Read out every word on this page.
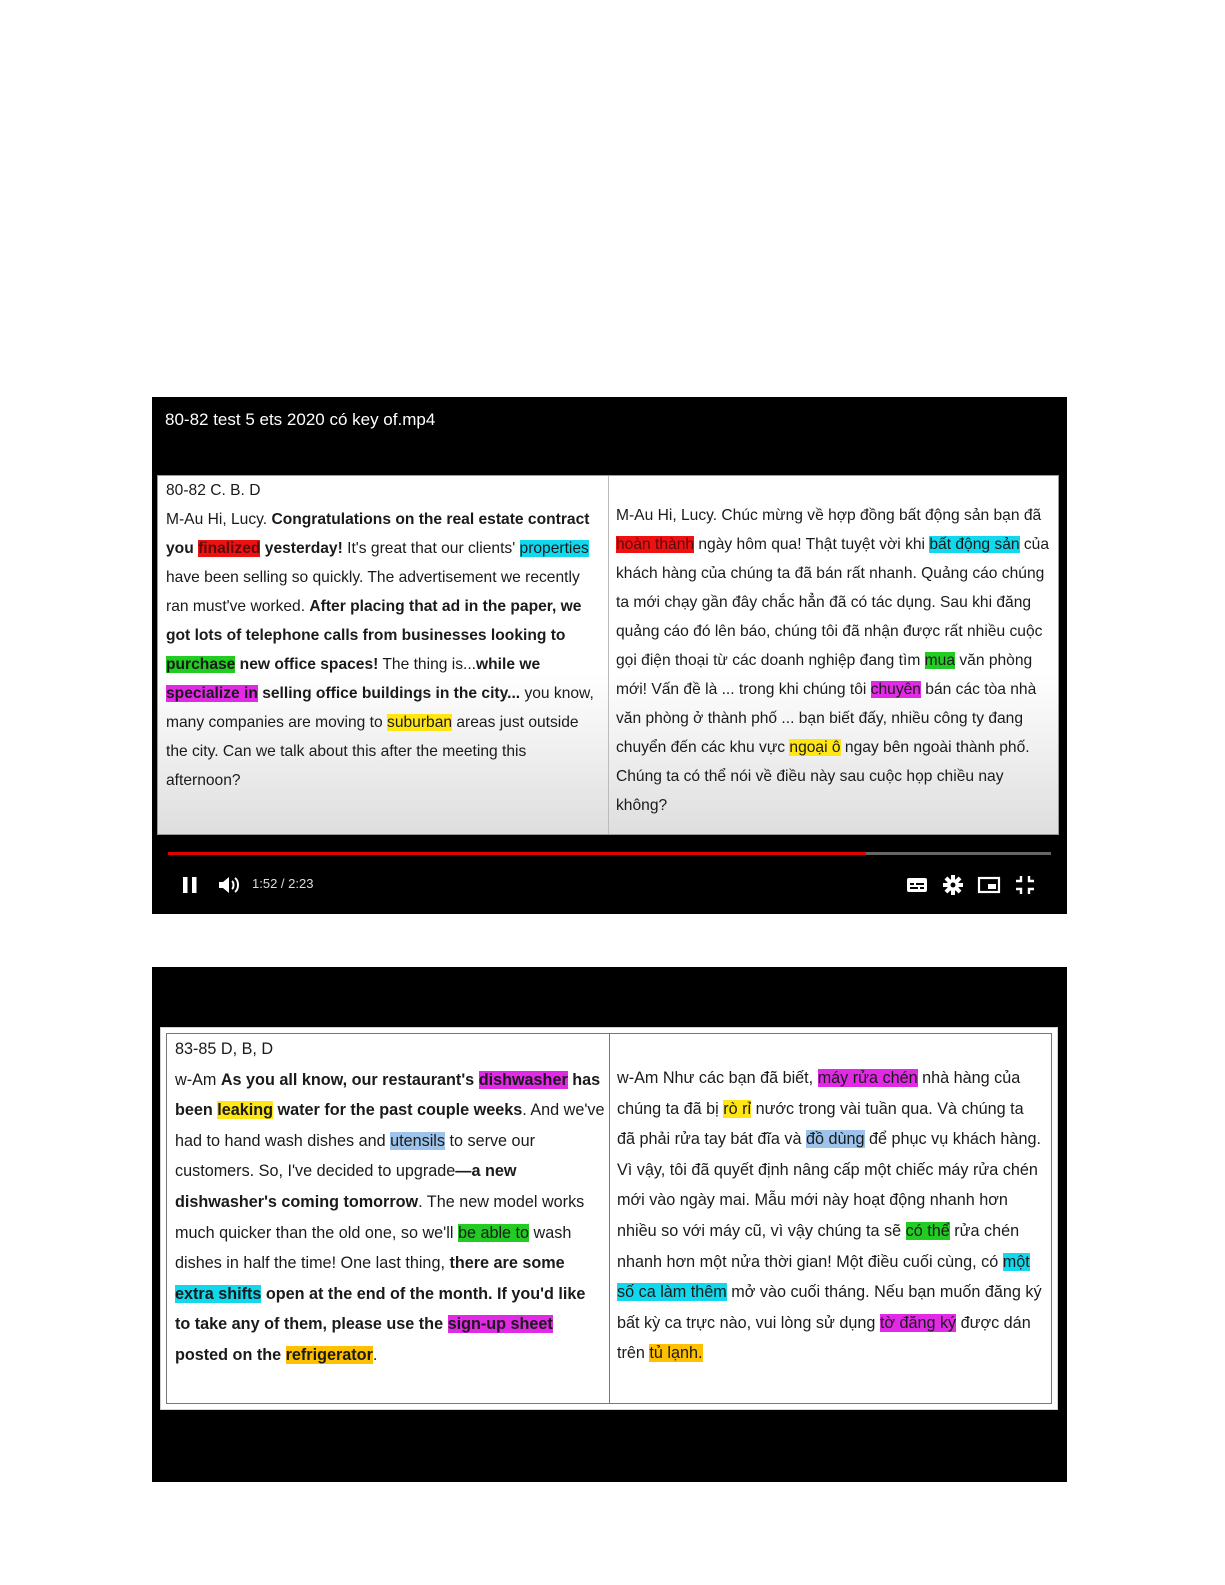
80-82 test 5 ets 2020 có key of.mp4
80-82 C. B. D
M-Au Hi, Lucy. Congratulations on the real estate contract you finalized yesterday! It's great that our clients' properties have been selling so quickly. The advertisement we recently ran must've worked. After placing that ad in the paper, we got lots of telephone calls from businesses looking to purchase new office spaces! The thing is...while we specialize in selling office buildings in the city... you know, many companies are moving to suburban areas just outside the city. Can we talk about this after the meeting this afternoon?
M-Au Hi, Lucy. Chúc mừng về hợp đồng bất động sản bạn đã hoàn thành ngày hôm qua! Thật tuyệt vời khi bất động sản của khách hàng của chúng ta đã bán rất nhanh. Quảng cáo chúng ta mới chạy gần đây chắc hẳn đã có tác dụng. Sau khi đăng quảng cáo đó lên báo, chúng tôi đã nhận được rất nhiều cuộc gọi điện thoại từ các doanh nghiệp đang tìm mua văn phòng mới! Vấn đề là ... trong khi chúng tôi chuyên bán các tòa nhà văn phòng ở thành phố ... bạn biết đấy, nhiều công ty đang chuyển đến các khu vực ngoại ô ngay bên ngoài thành phố. Chúng ta có thể nói về điều này sau cuộc họp chiều nay không?
1:52 / 2:23
83-85 D, B, D
w-Am As you all know, our restaurant's dishwasher has been leaking water for the past couple weeks. And we've had to hand wash dishes and utensils to serve our customers. So, I've decided to upgrade—a new dishwasher's coming tomorrow. The new model works much quicker than the old one, so we'll be able to wash dishes in half the time! One last thing, there are some extra shifts open at the end of the month. If you'd like to take any of them, please use the sign-up sheet posted on the refrigerator.
w-Am Như các bạn đã biết, máy rửa chén nhà hàng của chúng ta đã bị rò rỉ nước trong vài tuần qua. Và chúng ta đã phải rửa tay bát đĩa và đồ dùng để phục vụ khách hàng. Vì vậy, tôi đã quyết định nâng cấp một chiếc máy rửa chén mới vào ngày mai. Mẫu mới này hoạt động nhanh hơn nhiều so với máy cũ, vì vậy chúng ta sẽ có thể rửa chén nhanh hơn một nửa thời gian! Một điều cuối cùng, có một số ca làm thêm mở vào cuối tháng. Nếu bạn muốn đăng ký bất kỳ ca trực nào, vui lòng sử dụng tờ đăng ký được dán trên tủ lạnh.
